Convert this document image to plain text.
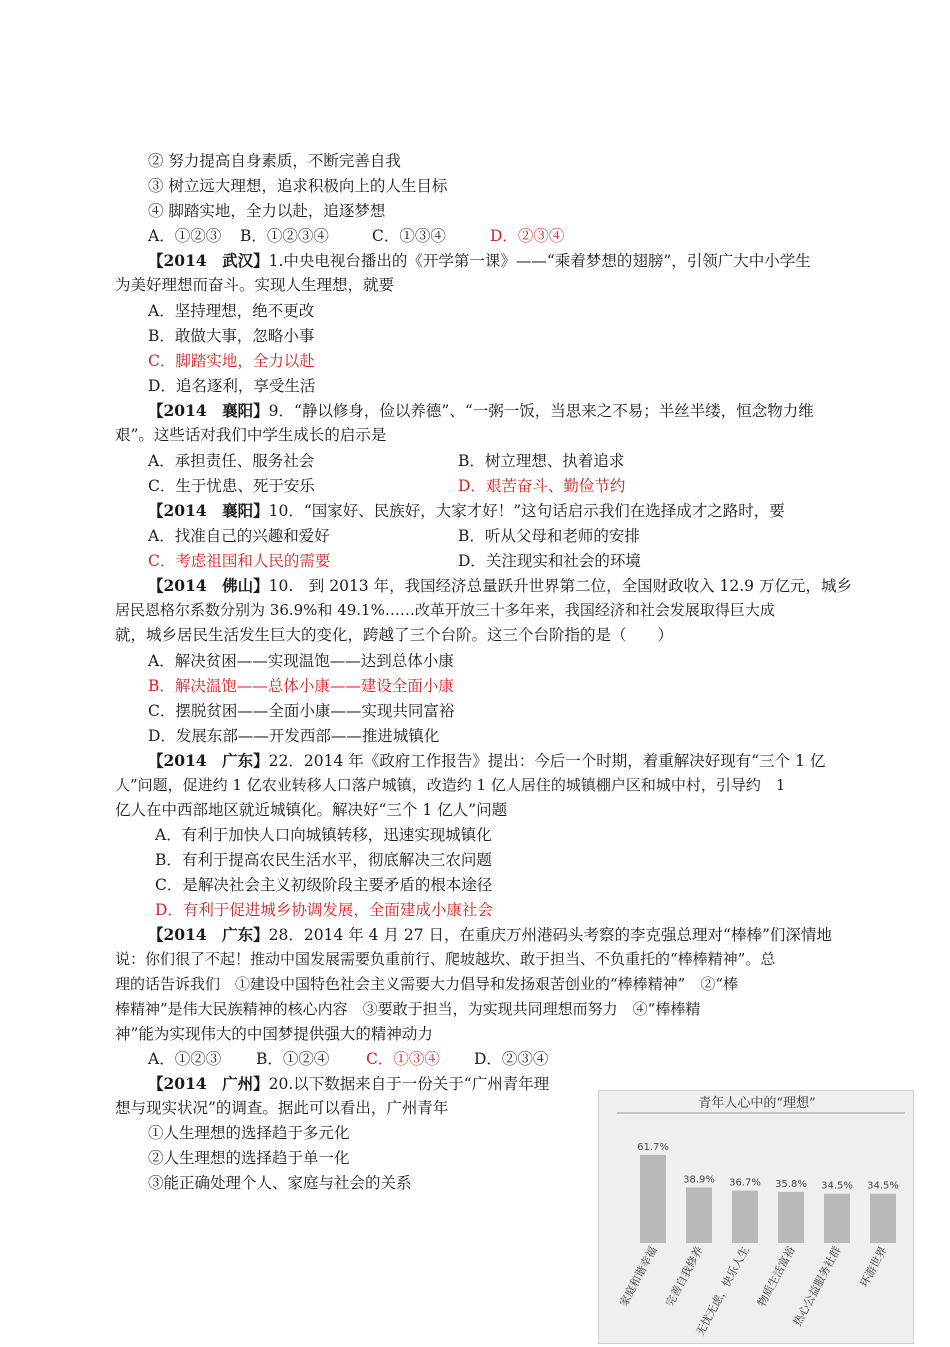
② 努力提高自身素质，不断完善自我
③ 树立远大理想，追求积极向上的人生目标
④ 脚踏实地，全力以赴，追逐梦想
A．①②③ B．①②③④	C．①③④	D．②③④
【2014　武汉】1.中央电视台播出的《开学第一课》——“乘着梦想的翅膀”，引领广大中小学生
为美好理想而奋斗。实现人生理想，就要
A．坚持理想，绝不更改
B．敢做大事，忽略小事
C．脚踏实地，全力以赴
D．追名逐利，享受生活
【2014　襄阳】9．“静以修身，俭以养德”、“一粥一饭，当思来之不易；半丝半缕，恒念物力维
艰”。这些话对我们中学生成长的启示是
A．承担责任、服务社会	B．树立理想、执着追求
C．生于忧患、死于安乐	D．艰苦奋斗、勤俭节约
【2014　襄阳】10．“国家好、民族好，大家才好！”这句话启示我们在选择成才之路时，要
A．找准自己的兴趣和爱好	B．听从父母和老师的安排
C．考虑祖国和人民的需要	D．关注现实和社会的环境
【2014　佛山】10.　到 2013 年，我国经济总量跃升世界第二位，全国财政收入 12.9 万亿元，城乡
居民恩格尔系数分别为 36.9%和 49.1%……改革开放三十多年来，我国经济和社会发展取得巨大成
就，城乡居民生活发生巨大的变化，跨越了三个台阶。这三个台阶指的是（　　）
A．解决贫困——实现温饱——达到总体小康
B．解决温饱——总体小康——建设全面小康
C．摆脱贫困——全面小康——实现共同富裕
D．发展东部——开发西部——推进城镇化
【2014　广东】22．2014 年《政府工作报告》提出：今后一个时期，着重解决好现有“三个 1 亿
人”问题，促进约 1 亿农业转移人口落户城镇，改造约 1 亿人居住的城镇棚户区和城中村，引导约　1
亿人在中西部地区就近城镇化。解决好“三个 1 亿人”问题
A．有利于加快人口向城镇转移，迅速实现城镇化
B．有利于提高农民生活水平，彻底解决三农问题
C．是解决社会主义初级阶段主要矛盾的根本途径
D．有利于促进城乡协调发展，全面建成小康社会
【2014　广东】28．2014 年 4 月 27 日，在重庆万州港码头考察的李克强总理对“棒棒”们深情地
说：你们很了不起！推动中国发展需要负重前行、爬坡越坎、敢于担当、不负重托的“棒棒精神”。总
理的话告诉我们　①建设中国特色社会主义需要大力倡导和发扬艰苦创业的“棒棒精神”　②“棒
棒精神”是伟大民族精神的核心内容　③要敢于担当，为实现共同理想而努力　④“棒棒精
神”能为实现伟大的中国梦提供强大的精神动力
A．①②③ B．①②④ C．①③④ D．②③④
【2014　广州】20.以下数据来自于一份关于“广州青年理
想与现实状况”的调查。据此可以看出，广州青年
①人生理想的选择趋于多元化
②人生理想的选择趋于单一化
③能正确处理个人、家庭与社会的关系
青年人心中的“理想”
61.7%
家庭和谐幸福
38.9%
完善自我修养
36.7%
无忧无虑，快乐人生
35.8%
物质生活富裕
34.5%
热心公益服务社群
34.5%
环游世界
